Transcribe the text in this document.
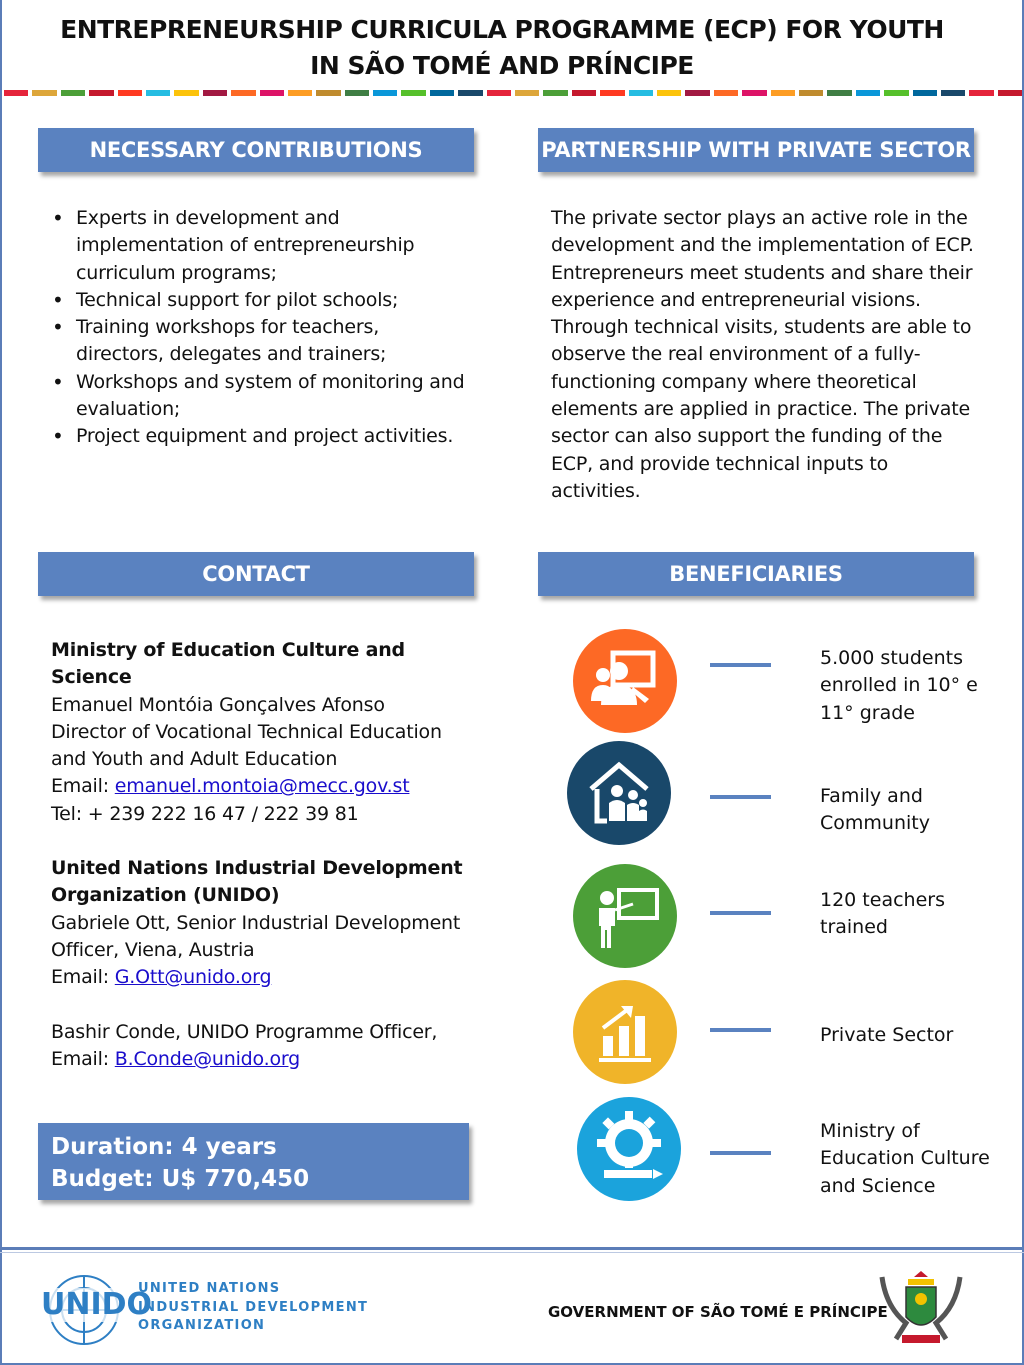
ENTREPRENEURSHIP CURRICULA PROGRAMME (ECP) FOR YOUTH
IN SÃO TOMÉ AND PRÍNCIPE
NECESSARY CONTRIBUTIONS
• Experts in development and implementation of entrepreneurship curriculum programs;
• Technical support for pilot schools;
• Training workshops for teachers, directors, delegates and trainers;
• Workshops and system of monitoring and evaluation;
• Project equipment and project activities.
PARTNERSHIP WITH PRIVATE SECTOR

The private sector plays an active role in the development and the implementation of ECP. Entrepreneurs meet students and share their experience and entrepreneurial visions. Through technical visits, students are able to observe the real environment of a fully-functioning company where theoretical elements are applied in practice. The private sector can also support the funding of the ECP, and provide technical inputs to activities.

CONTACT

Ministry of Education Culture and Science

Emanuel Montóia Gonçalves Afonso

Director of Vocational Technical Education and Youth and Adult Education

Email: emanuel.montoia@mecc.gov.st

Tel: + 239 222 16 47 / 222 39 81

United Nations Industrial Development Organization (UNIDO)

Gabriele Ott, Senior Industrial Development Officer, Viena, Austria

Email: G.Ott@unido.org

Bashir Conde, UNIDO Programme Officer,

Email: B.Conde@unido.org

Duration: 4 years
Budget: U$ 770,450
BENEFICIARIES
5.000 students enrolled in 10° e 11° grade
Family and Community
120 teachers trained
Private Sector
Ministry of Education Culture and Science
UNIDO
UNITED NATIONS
INDUSTRIAL DEVELOPMENT
ORGANIZATION
GOVERNMENT OF SÃO TOMÉ E PRÍNCIPE
